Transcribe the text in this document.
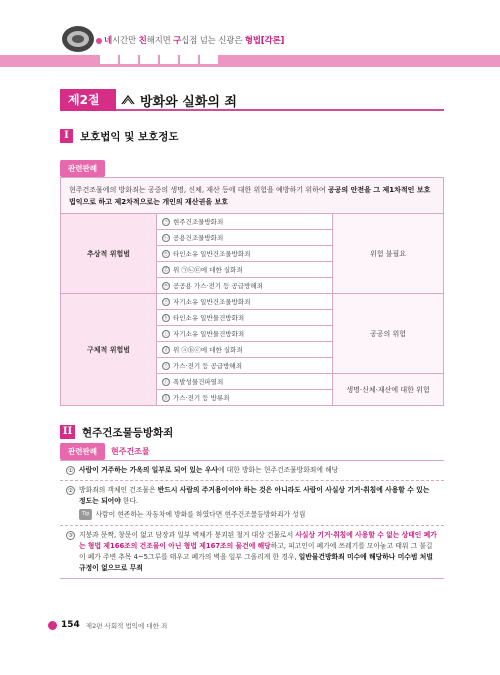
네시간만 친해지면 구십점 넘는 신광은 형법[각론]
제2절	방화와 실화의 죄
I	보호법익 및 보호정도
관련판례
현주건조물에의 방화죄는 공중의 생명, 신체, 재산 등에 대한 위험을 예방하기 위하여 공공의 안전을 그 제1차적인 보호법익으로 하고 제2차적으로는 개인의 재산권을 보호
추상적 위험범	㉠ 현주건조물방화죄	위험 불필요
	㉡ 공용건조물방화죄	
	㉢ 타인소유 일반건조물방화죄	
	㉣ 위 ㉠㉡㉢에 대한 실화죄	
	㉤ 공공용 가스·전기 등 공급방해죄	
구체적 위험범	ⓐ 자기소유 일반건조물방화죄	공공의 위험
	ⓑ 타인소유 일반물건방화죄	
	ⓒ 자기소유 일반물건방화죄	
	ⓓ 위 ⓐⓑⓒ에 대한 실화죄	
	ⓔ 가스·전기 등 공급방해죄	
	ⓕ 폭발성물건파열죄	생명·신체·재산에 대한 위험
	ⓖ 가스·전기 등 방류죄	
II 현주건조물등방화죄
관련판례	현주건조물
① 사람이 거주하는 가옥의 일부로 되어 있는 우사에 대한 방화는 현주건조물방화죄에 해당
② 방화죄의 객체인 건조물은 반드시 사람의 주거용이어야 하는 것은 아니라도 사람이 사실상 기거·취침에 사용할 수 있는 정도는 되어야 한다.
Tip 사람이 현존하는 자동차에 방화를 하였다면 현주건조물등방화죄가 성립
③ 지붕과 문짝, 창문이 없고 담장과 일부 벽체가 붕괴된 철거 대상 건물로서 사실상 기거·취침에 사용할 수 없는 상태인 폐가는 형법 제166조의 건조물이 아닌 형법 제167조의 물건에 해당하고, 피고인이 폐가에 쓰레기를 모아놓고 태워 그 불길이 폐가 주변 추목 4~5그루를 태우고 폐가의 벽을 일부 그을리게 한 경우, 일반물건방화죄 미수에 해당하나 미수범 처벌 규정이 없으므로 무죄
154 제2편 사회적 법익에 대한 죄
